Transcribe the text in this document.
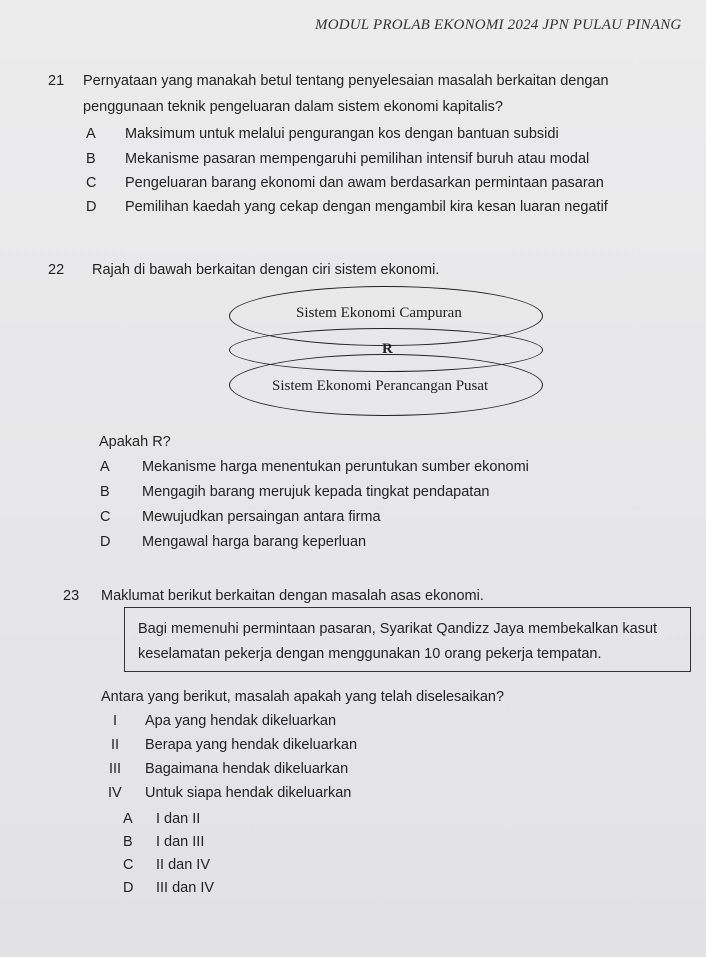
MODUL PROLAB EKONOMI 2024 JPN PULAU PINANG
21 Pernyataan yang manakah betul tentang penyelesaian masalah berkaitan dengan
penggunaan teknik pengeluaran dalam sistem ekonomi kapitalis?
A Maksimum untuk melalui pengurangan kos dengan bantuan subsidi
B Mekanisme pasaran mempengaruhi pemilihan intensif buruh atau modal
C Pengeluaran barang ekonomi dan awam berdasarkan permintaan pasaran
D Pemilihan kaedah yang cekap dengan mengambil kira kesan luaran negatif
22 Rajah di bawah berkaitan dengan ciri sistem ekonomi.
Sistem Ekonomi Campuran
R
Sistem Ekonomi Perancangan Pusat
Apakah R?
A Mekanisme harga menentukan peruntukan sumber ekonomi
B Mengagih barang merujuk kepada tingkat pendapatan
C Mewujudkan persaingan antara firma
D Mengawal harga barang keperluan
23 Maklumat berikut berkaitan dengan masalah asas ekonomi.
Bagi memenuhi permintaan pasaran, Syarikat Qandizz Jaya membekalkan kasut
keselamatan pekerja dengan menggunakan 10 orang pekerja tempatan.
Antara yang berikut, masalah apakah yang telah diselesaikan?
I Apa yang hendak dikeluarkan
II Berapa yang hendak dikeluarkan
III Bagaimana hendak dikeluarkan
IV Untuk siapa hendak dikeluarkan
A I dan II
B I dan III
C II dan IV
D III dan IV
